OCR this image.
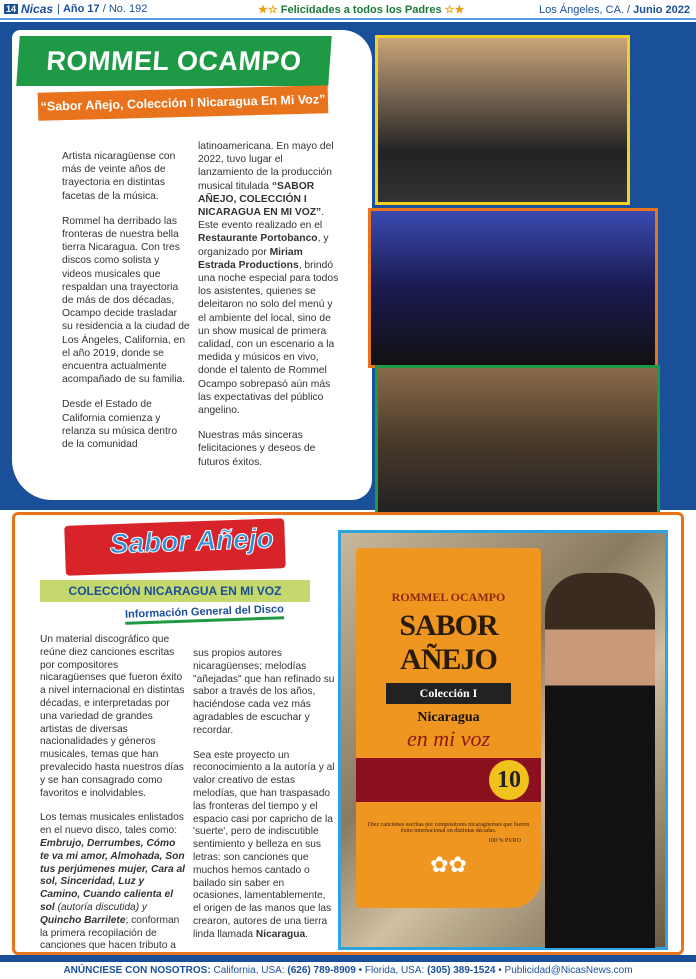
14 Nicas | Año 17
/ No. 192	★☆ Felicidades a todos los Padres ☆★	Los Ángeles, CA. / Junio 2022
ROMMEL OCAMPO
“Sabor Añejo, Colección I Nicaragua En Mi Voz”

Artista nicaragüense con más de veinte años de trayectoria en distintas facetas de la música.

Rommel ha derribado las fronteras de nuestra bella tierra Nicaragua. Con tres discos como solista y videos musicales que respaldan una trayectoria de más de dos décadas, Ocampo decide trasladar su residencia a la ciudad de Los Ángeles, California, en el año 2019, donde se encuentra actualmente acompañado de su familia.

Desde el Estado de California comienza y relanza su música dentro de la comunidad

latinoamericana. En mayo del 2022, tuvo lugar el lanzamiento de la producción musical titulada “SABOR AÑEJO, COLECCIÓN I NICARAGUA EN MI VOZ”. Este evento realizado en el Restaurante Portobanco, y organizado por Miriam Estrada Productions, brindó una noche especial para todos los asistentes, quienes se deleitaron no solo del menú y el ambiente del local, sino de un show musical de primera calidad, con un escenario a la medida y músicos en vivo, donde el talento de Rommel Ocampo sobrepasó aún más las expectativas del público angelino.

Nuestras más sinceras felicitaciones y deseos de futuros éxitos.

Sabor Añejo
COLECCIÓN NICARAGUA EN MI VOZ
Información General del Disco

Un material discográfico que reúne diez canciones escritas por compositores nicaragüenses que fueron éxito a nivel internacional en distintas décadas, e interpretadas por una variedad de grandes artistas de diversas nacionalidades y géneros musicales, temas que han prevalecido hasta nuestros días y se han consagrado como favoritos e inolvidables.

Los temas musicales enlistados en el nuevo disco, tales como: Embrujo, Derrumbes, Cómo te va mi amor, Almohada, Son tus perjúmenes mujer, Cara al sol, Sinceridad, Luz y Camino, Cuando calienta el sol (autoría discutida) y Quincho Barrilete; conforman la primera recopilación de canciones que hacen tributo a

sus propios autores nicaragüenses; melodías "añejadas" que han refinado su sabor a través de los años, haciéndose cada vez más agradables de escuchar y recordar.

Sea este proyecto un reconocimiento a la autoría y al valor creativo de estas melodías, que han traspasado las fronteras del tiempo y el espacio casi por capricho de la 'suerte', pero de indiscutible sentimiento y belleza en sus letras: son canciones que muchos hemos cantado o bailado sin saber en ocasiones, lamentablemente, el origen de las manos que las crearon, autores de una tierra linda llamada Nicaragua.

ROMMEL OCAMPO
SABOR AÑEJO
Colección I
Nicaragua
en mi voz
10
Diez canciones escritas por compositores nicaragüenses que fueron éxito internacional en distintas décadas.
100 % PURO
✿✿
ANÚNCIESE CON NOSOTROS: California, USA: (626) 789-8909 • Florida, USA: (305) 389-1524 • Publicidad@NicasNews.com
